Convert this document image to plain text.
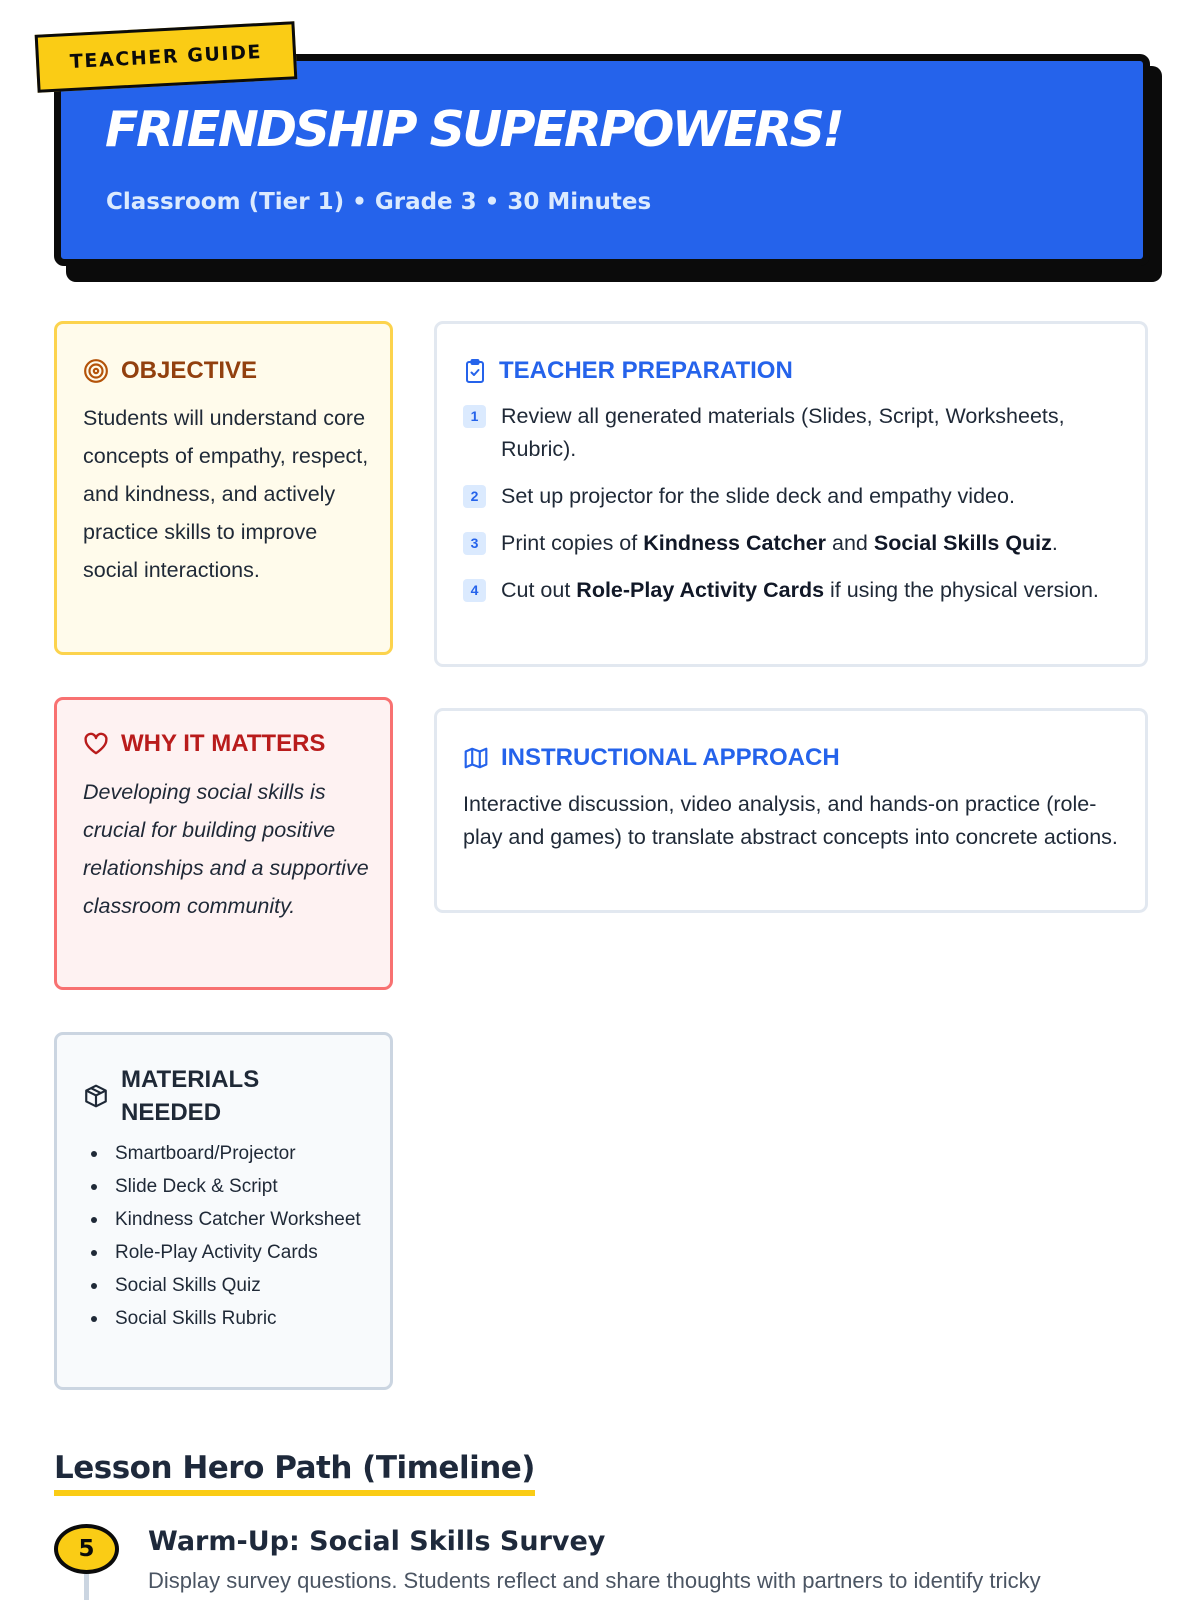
FRIENDSHIP SUPERPOWERS!
Classroom (Tier 1) • Grade 3 • 30 Minutes
TEACHER GUIDE
OBJECTIVE
Students will understand core concepts of empathy, respect, and kindness, and actively practice skills to improve social interactions.
WHY IT MATTERS
Developing social skills is crucial for building positive relationships and a supportive classroom community.
MATERIALS NEEDED
Smartboard/Projector
Slide Deck & Script
Kindness Catcher Worksheet
Role-Play Activity Cards
Social Skills Quiz
Social Skills Rubric
TEACHER PREPARATION
1	Review all generated materials (Slides, Script, Worksheets, Rubric).
2	Set up projector for the slide deck and empathy video.
3	Print copies of Kindness Catcher and Social Skills Quiz.
4	Cut out Role-Play Activity Cards if using the physical version.
INSTRUCTIONAL APPROACH
Interactive discussion, video analysis, and hands-on practice (role-play and games) to translate abstract concepts into concrete actions.
Lesson Hero Path (Timeline)
5	Warm-Up: Social Skills Survey
Display survey questions. Students reflect and share thoughts with partners to identify tricky
